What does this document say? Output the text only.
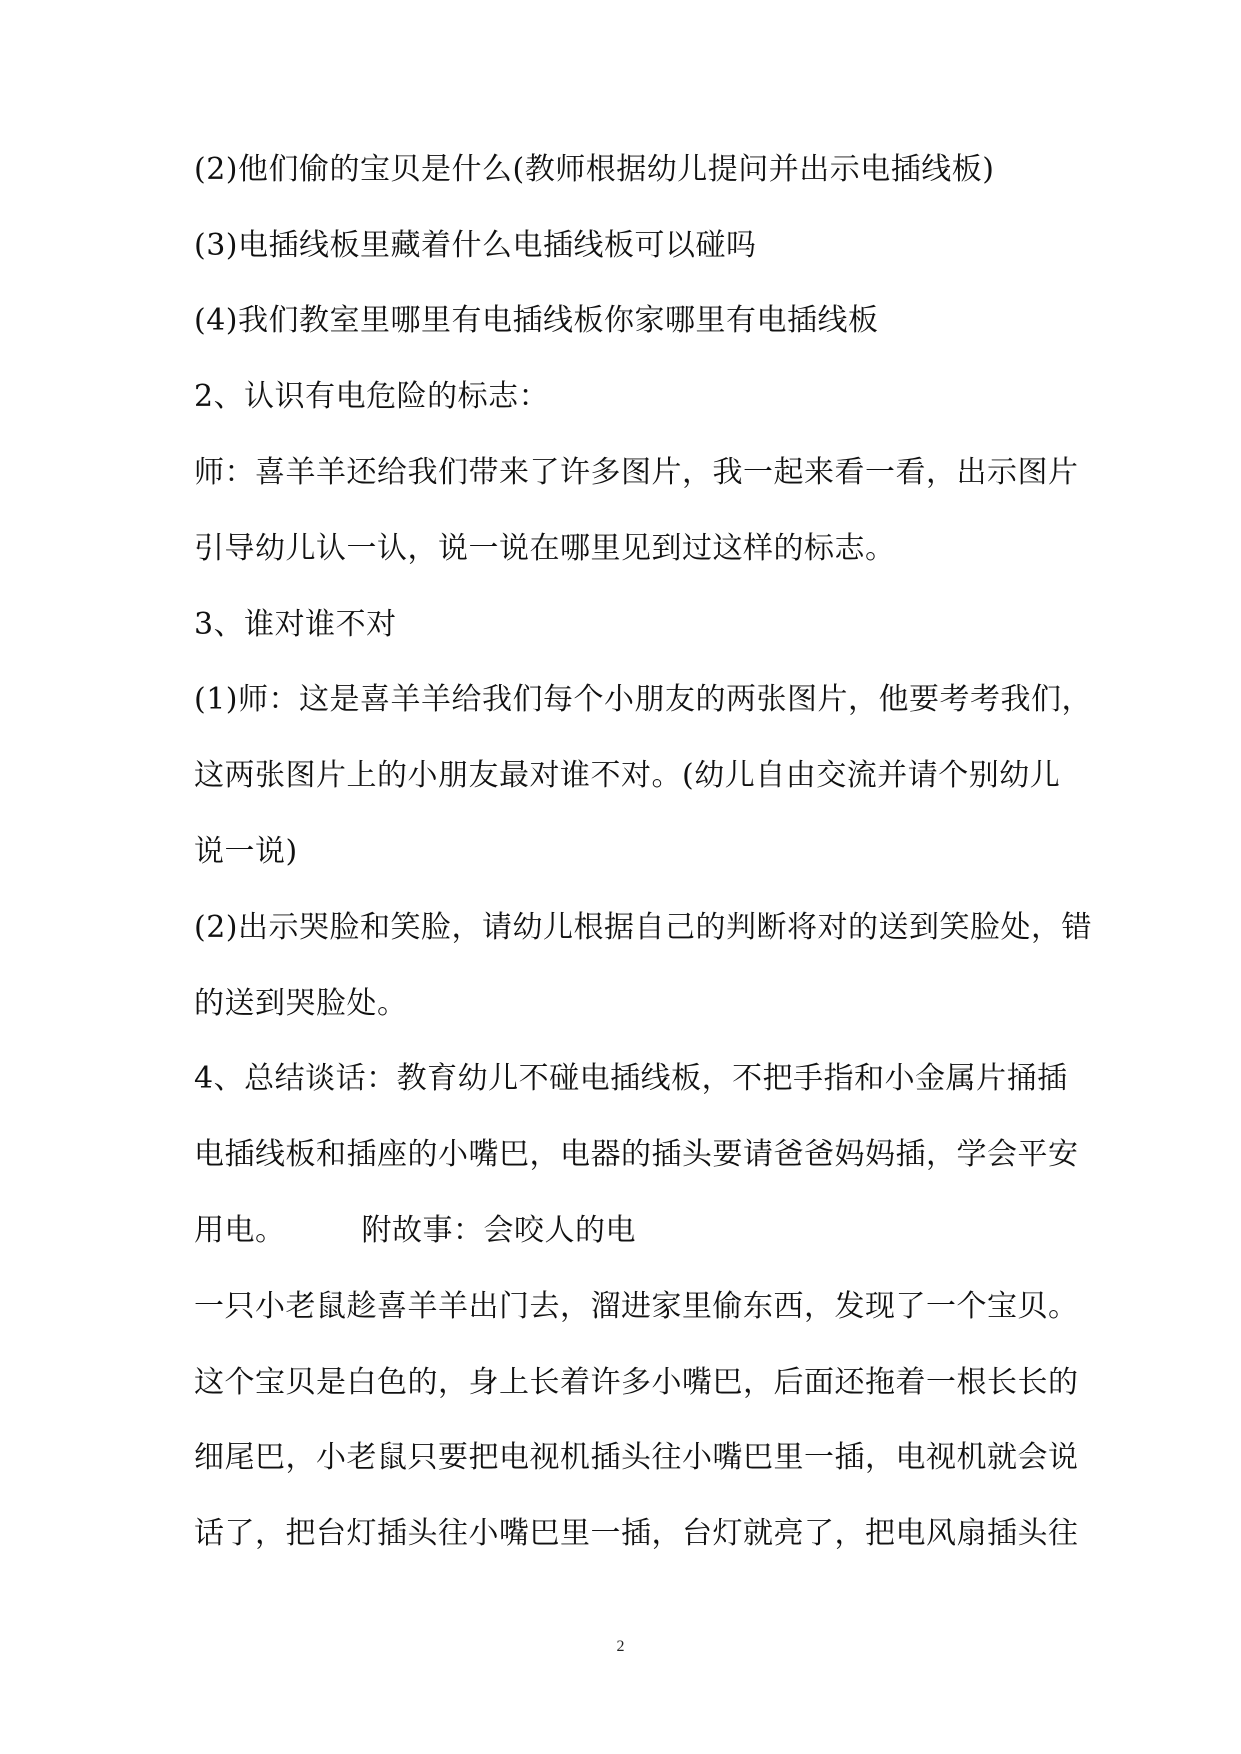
(2)他们偷的宝贝是什么(教师根据幼儿提问并出示电插线板)
(3)电插线板里藏着什么电插线板可以碰吗
(4)我们教室里哪里有电插线板你家哪里有电插线板
2、认识有电危险的标志：
师：喜羊羊还给我们带来了许多图片，我一起来看一看，出示图片
引导幼儿认一认，说一说在哪里见到过这样的标志。
3、谁对谁不对
(1)师：这是喜羊羊给我们每个小朋友的两张图片，他要考考我们，
这两张图片上的小朋友最对谁不对。(幼儿自由交流并请个别幼儿
说一说)
(2)出示哭脸和笑脸，请幼儿根据自己的判断将对的送到笑脸处，错
的送到哭脸处。
4、总结谈话：教育幼儿不碰电插线板，不把手指和小金属片捅插
电插线板和插座的小嘴巴，电器的插头要请爸爸妈妈插，学会平安
用电。	附故事：会咬人的电
一只小老鼠趁喜羊羊出门去，溜进家里偷东西，发现了一个宝贝。
这个宝贝是白色的，身上长着许多小嘴巴，后面还拖着一根长长的
细尾巴，小老鼠只要把电视机插头往小嘴巴里一插，电视机就会说
话了，把台灯插头往小嘴巴里一插，台灯就亮了，把电风扇插头往
2
